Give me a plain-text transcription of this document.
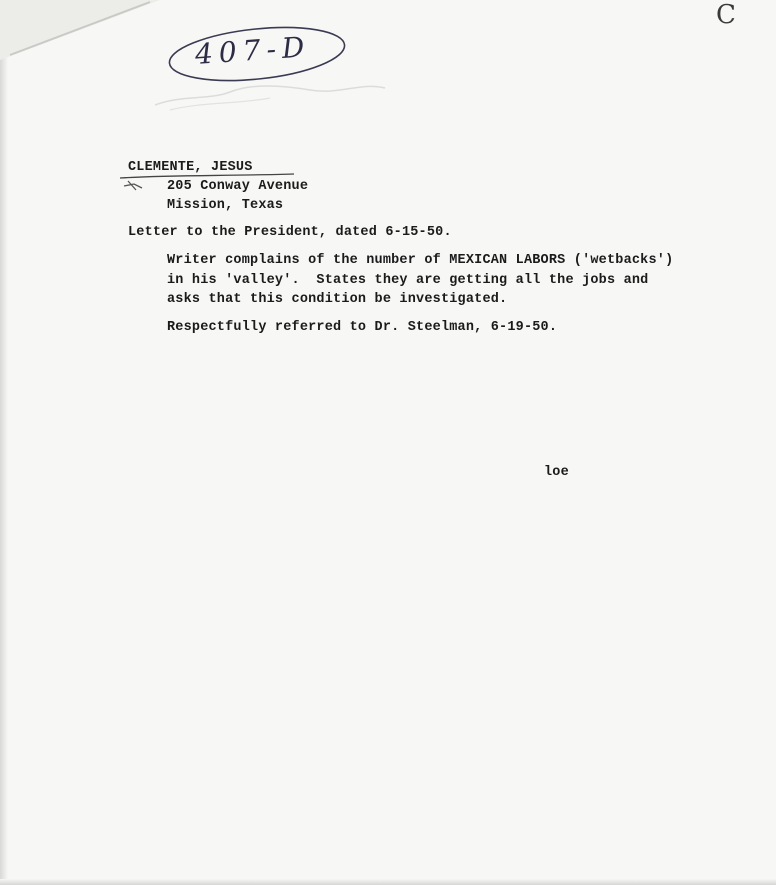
C
407-D
CLEMENTE, JESUS
205 Conway Avenue
Mission, Texas
Letter to the President, dated 6-15-50.
Writer complains of the number of MEXICAN LABORS ('wetbacks')
in his 'valley'.  States they are getting all the jobs and
asks that this condition be investigated.
Respectfully referred to Dr. Steelman, 6-19-50.
loe
